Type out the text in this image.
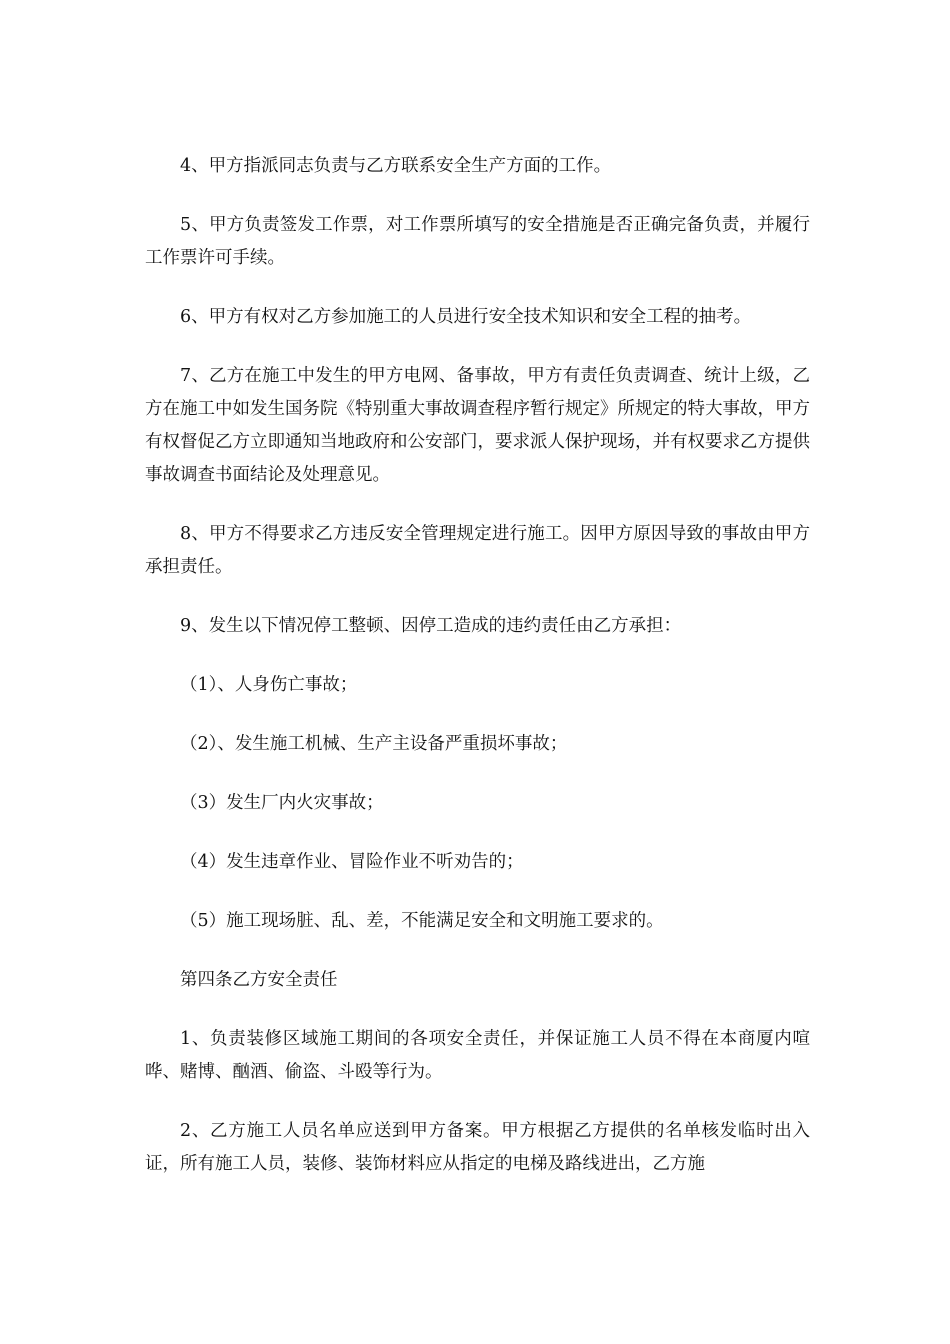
4、甲方指派同志负责与乙方联系安全生产方面的工作。

5、甲方负责签发工作票，对工作票所填写的安全措施是否正确完备负责，并履行工作票许可手续。

6、甲方有权对乙方参加施工的人员进行安全技术知识和安全工程的抽考。

7、乙方在施工中发生的甲方电网、备事故，甲方有责任负责调查、统计上级，乙方在施工中如发生国务院《特别重大事故调查程序暂行规定》所规定的特大事故，甲方有权督促乙方立即通知当地政府和公安部门，要求派人保护现场，并有权要求乙方提供事故调查书面结论及处理意见。

8、甲方不得要求乙方违反安全管理规定进行施工。因甲方原因导致的事故由甲方承担责任。

9、发生以下情况停工整顿、因停工造成的违约责任由乙方承担：

（1）、人身伤亡事故；

（2）、发生施工机械、生产主设备严重损坏事故；

（3）发生厂内火灾事故；

（4）发生违章作业、冒险作业不听劝告的；

（5）施工现场脏、乱、差，不能满足安全和文明施工要求的。

第四条乙方安全责任

1、负责装修区域施工期间的各项安全责任，并保证施工人员不得在本商厦内喧哗、赌博、酗酒、偷盗、斗殴等行为。

2、乙方施工人员名单应送到甲方备案。甲方根据乙方提供的名单核发临时出入证，所有施工人员，装修、装饰材料应从指定的电梯及路线进出，乙方施
